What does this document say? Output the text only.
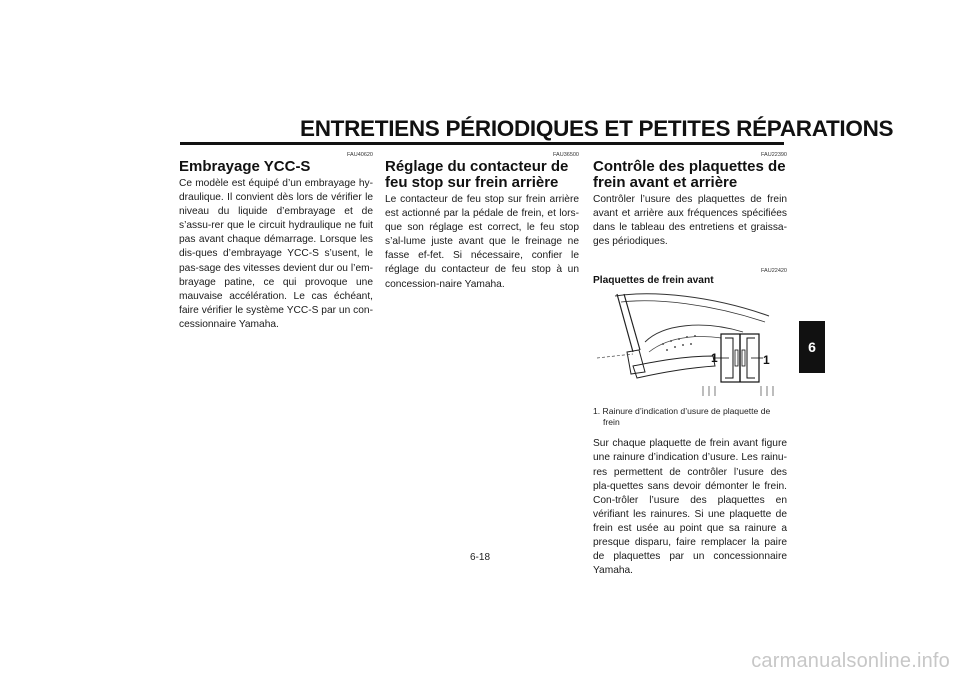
ENTRETIENS PÉRIODIQUES ET PETITES RÉPARATIONS
FAU40620
Embrayage YCC-S

Ce modèle est équipé d’un embrayage hy-draulique. Il convient dès lors de vérifier le niveau du liquide d’embrayage et de s’assu-rer que le circuit hydraulique ne fuit pas avant chaque démarrage. Lorsque les dis-ques d’embrayage YCC-S s’usent, le pas-sage des vitesses devient dur ou l’em-brayage patine, ce qui provoque une mauvaise accélération. Le cas échéant, faire vérifier le système YCC-S par un con-cessionnaire Yamaha.

FAU36500
Réglage du contacteur de feu stop sur frein arrière

Le contacteur de feu stop sur frein arrière est actionné par la pédale de frein, et lors-que son réglage est correct, le feu stop s’al-lume juste avant que le freinage ne fasse ef-fet. Si nécessaire, confier le réglage du contacteur de feu stop à un concession-naire Yamaha.

FAU22390
Contrôle des plaquettes de frein avant et arrière

Contrôler l’usure des plaquettes de frein avant et arrière aux fréquences spécifiées dans le tableau des entretiens et graissa-ges périodiques.

FAU22420
Plaquettes de frein avant
1	1
1. Rainure d’indication d’usure de plaquette de frein

Sur chaque plaquette de frein avant figure une rainure d’indication d’usure. Les rainu-res permettent de contrôler l’usure des pla-quettes sans devoir démonter le frein. Con-trôler l’usure des plaquettes en vérifiant les rainures. Si une plaquette de frein est usée au point que sa rainure a presque disparu, faire remplacer la paire de plaquettes par un concessionnaire Yamaha.

6
6-18
carmanualsonline.info
